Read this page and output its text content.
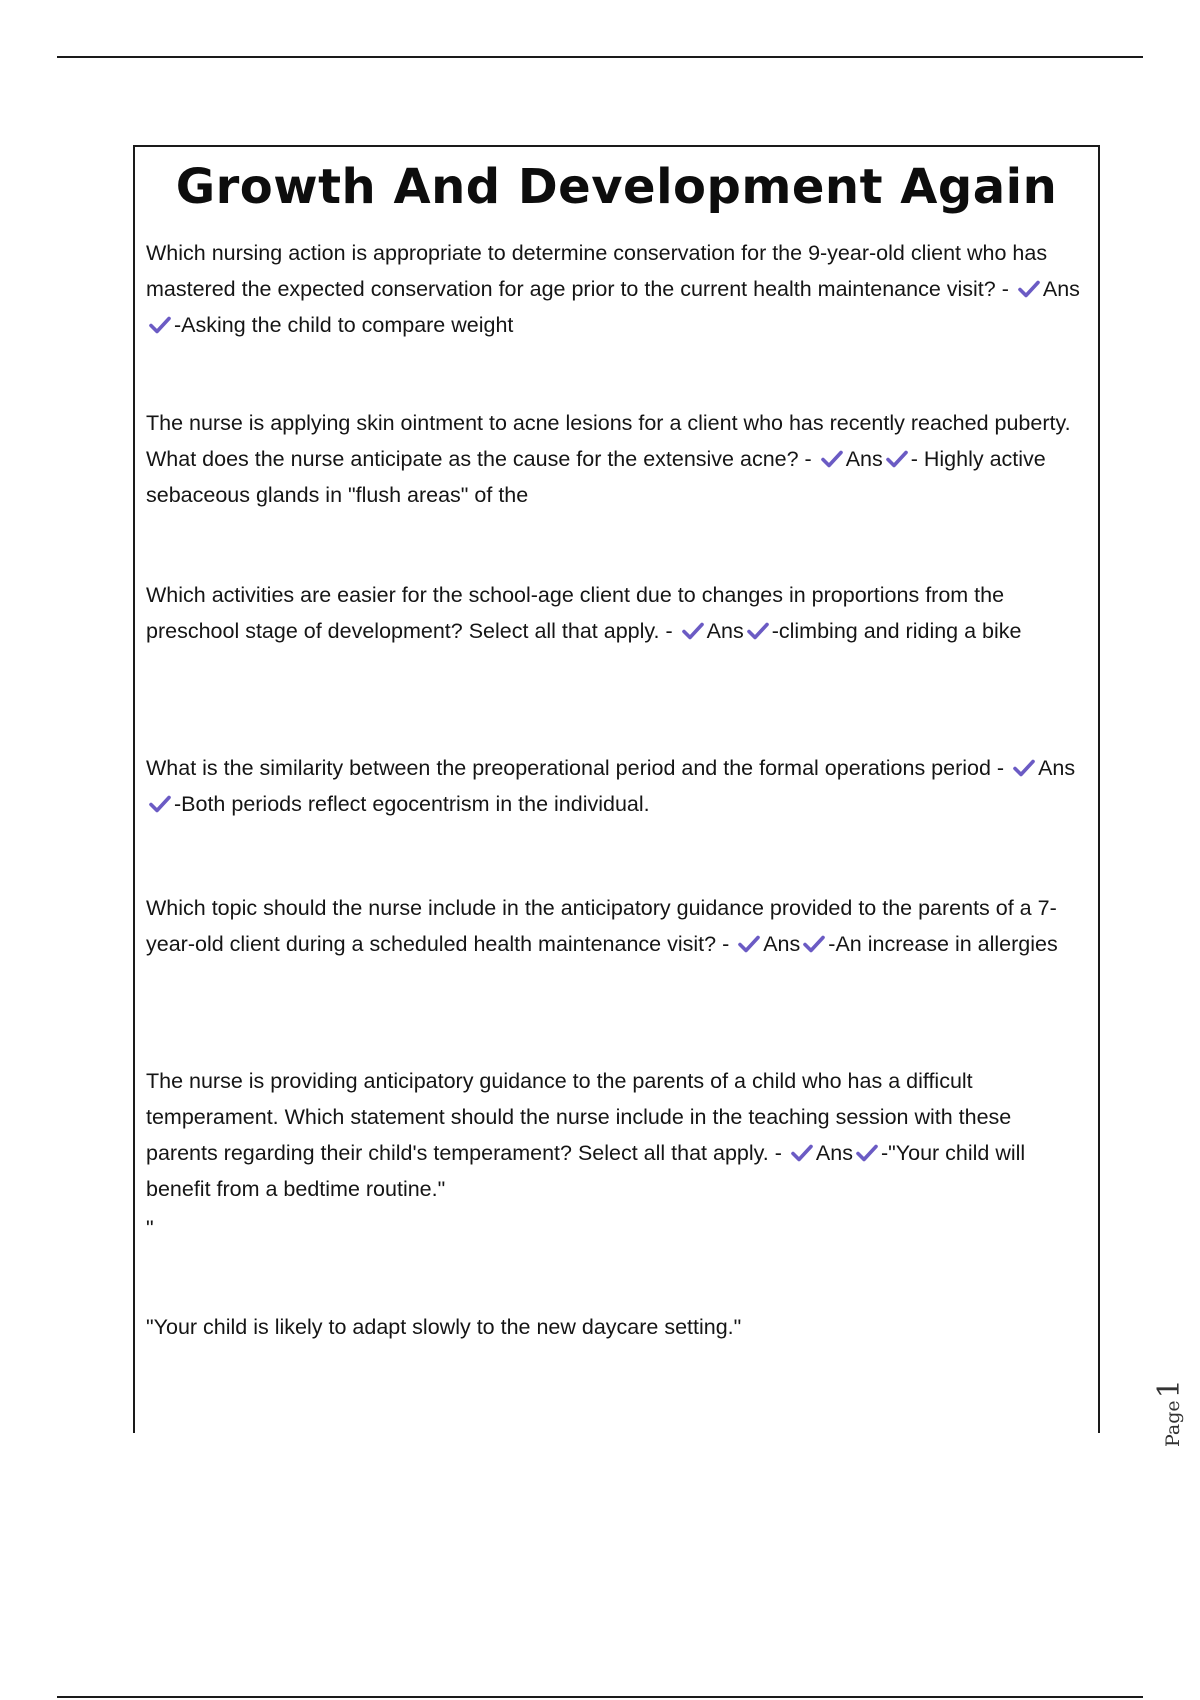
Growth And Development Again
Which nursing action is appropriate to determine conservation for the 9-year-old client who has mastered the expected conservation for age prior to the current health maintenance visit? - Ans
-Asking the child to compare weight
The nurse is applying skin ointment to acne lesions for a client who has recently reached puberty. What does the nurse anticipate as the cause for the extensive acne? - Ans - Highly active sebaceous glands in "flush areas" of the
Which activities are easier for the school-age client due to changes in proportions from the preschool stage of development? Select all that apply. - Ans -climbing and riding a bike
What is the similarity between the preoperational period and the formal operations period - Ans
-Both periods reflect egocentrism in the individual.
Which topic should the nurse include in the anticipatory guidance provided to the parents of a 7-year-old client during a scheduled health maintenance visit? - Ans -An increase in allergies
The nurse is providing anticipatory guidance to the parents of a child who has a difficult temperament. Which statement should the nurse include in the teaching session with these parents regarding their child's temperament? Select all that apply. - Ans -"Your child will benefit from a bedtime routine."
"
"Your child is likely to adapt slowly to the new daycare setting."
Page1
